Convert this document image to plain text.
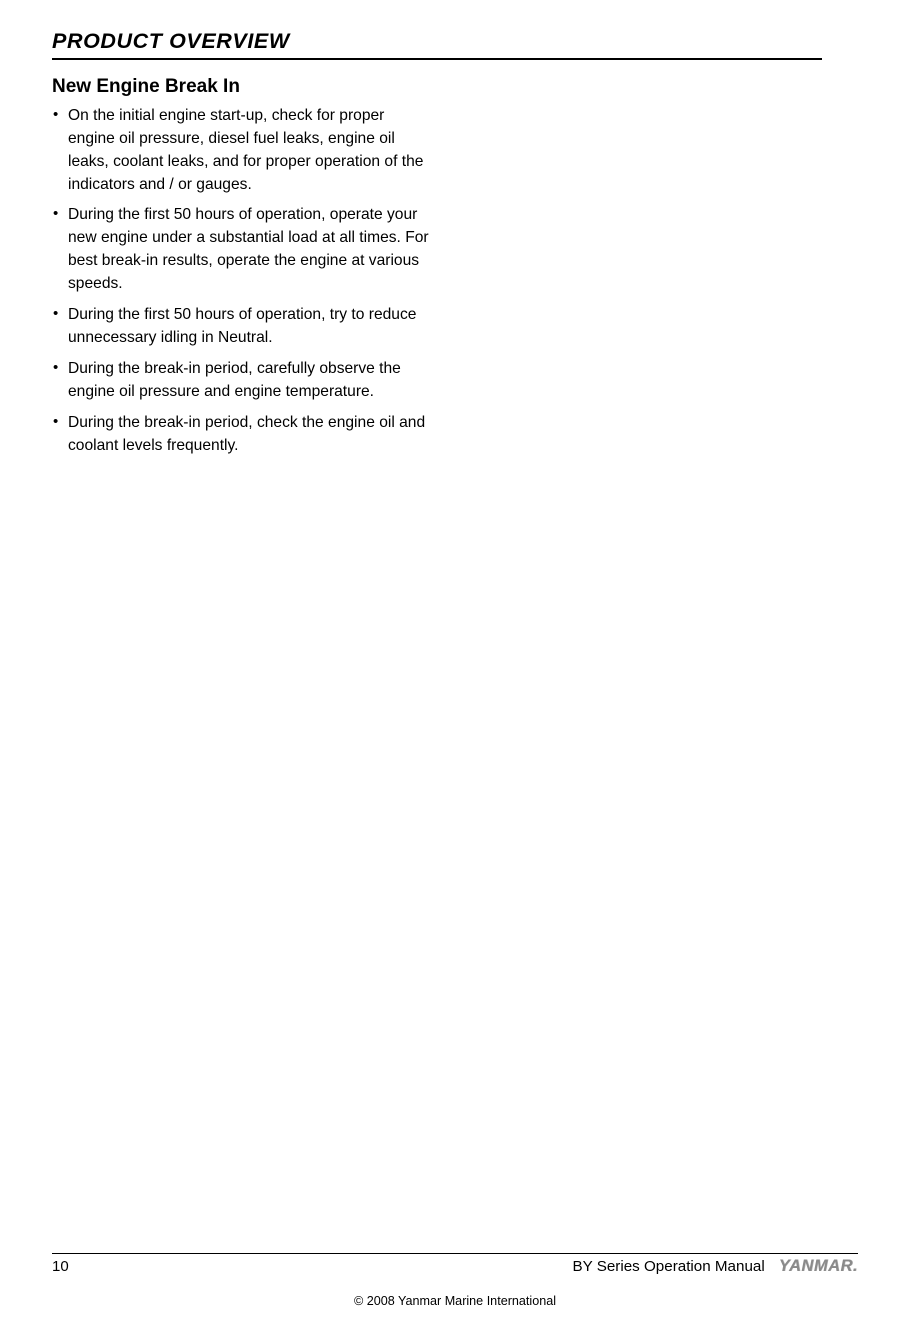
PRODUCT OVERVIEW
New Engine Break In
• On the initial engine start-up, check for proper engine oil pressure, diesel fuel leaks, engine oil leaks, coolant leaks, and for proper operation of the indicators and / or gauges.
• During the first 50 hours of operation, operate your new engine under a substantial load at all times. For best break-in results, operate the engine at various speeds.
• During the first 50 hours of operation, try to reduce unnecessary idling in Neutral.
• During the break-in period, carefully observe the engine oil pressure and engine temperature.
• During the break-in period, check the engine oil and coolant levels frequently.
10	BY Series Operation Manual YANMAR.
© 2008 Yanmar Marine International
